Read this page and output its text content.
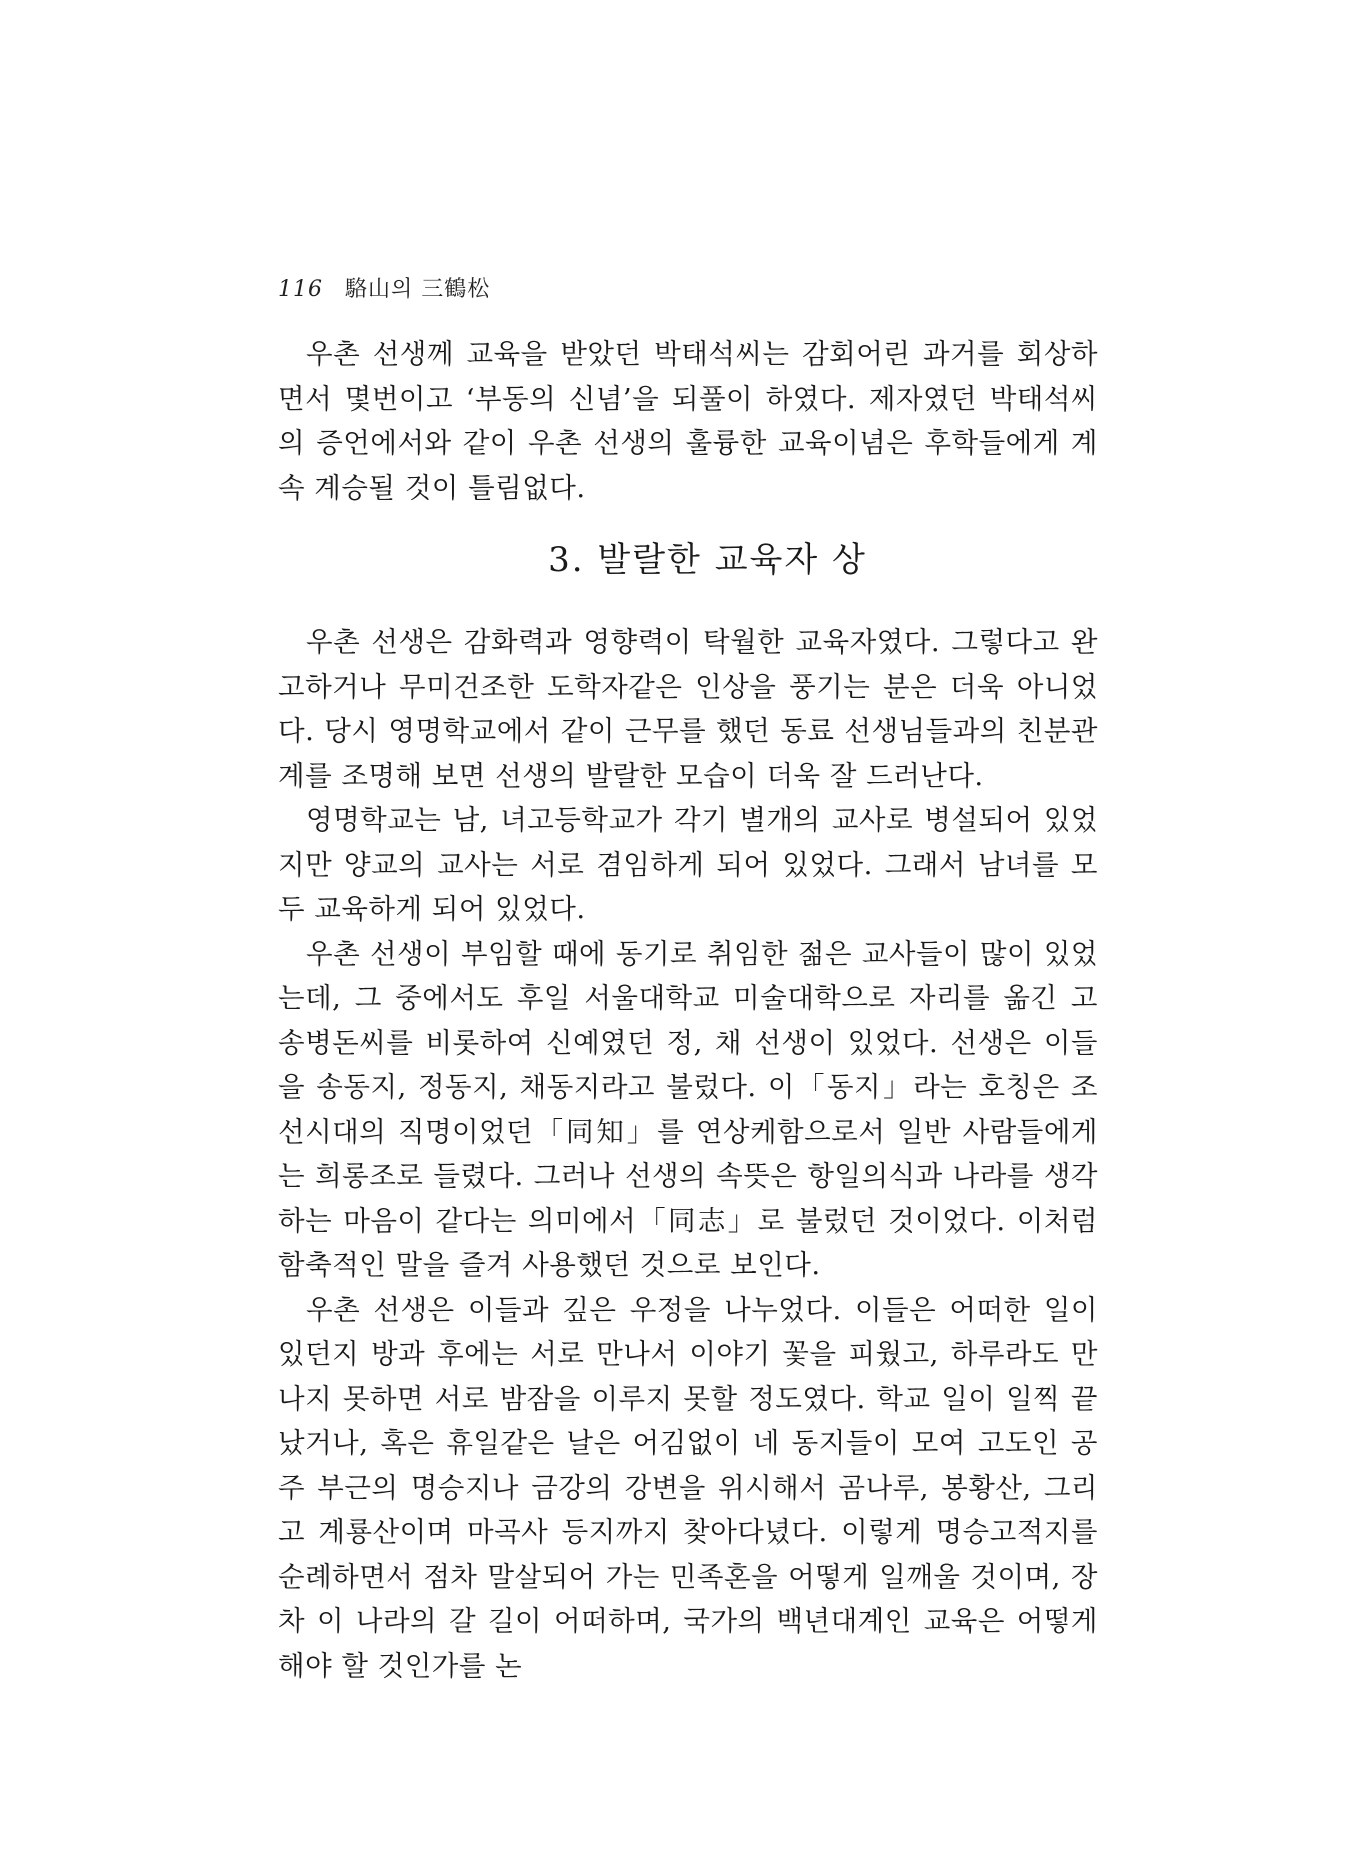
116 駱山의 三鶴松

우촌 선생께 교육을 받았던 박태석씨는 감회어린 과거를 회상하면서 몇번이고 ‘부동의 신념’을 되풀이 하였다. 제자였던 박태석씨의 증언에서와 같이 우촌 선생의 훌륭한 교육이념은 후학들에게 계속 계승될 것이 틀림없다.

3. 발랄한 교육자 상

우촌 선생은 감화력과 영향력이 탁월한 교육자였다. 그렇다고 완고하거나 무미건조한 도학자같은 인상을 풍기는 분은 더욱 아니었다. 당시 영명학교에서 같이 근무를 했던 동료 선생님들과의 친분관계를 조명해 보면 선생의 발랄한 모습이 더욱 잘 드러난다.

영명학교는 남, 녀고등학교가 각기 별개의 교사로 병설되어 있었지만 양교의 교사는 서로 겸임하게 되어 있었다. 그래서 남녀를 모두 교육하게 되어 있었다.

우촌 선생이 부임할 때에 동기로 취임한 젊은 교사들이 많이 있었는데, 그 중에서도 후일 서울대학교 미술대학으로 자리를 옮긴 고 송병돈씨를 비롯하여 신예였던 정, 채 선생이 있었다. 선생은 이들을 송동지, 정동지, 채동지라고 불렀다. 이「동지」라는 호칭은 조선시대의 직명이었던「同知」를 연상케함으로서 일반 사람들에게는 희롱조로 들렸다. 그러나 선생의 속뜻은 항일의식과 나라를 생각하는 마음이 같다는 의미에서「同志」로 불렀던 것이었다. 이처럼 함축적인 말을 즐겨 사용했던 것으로 보인다.

우촌 선생은 이들과 깊은 우정을 나누었다. 이들은 어떠한 일이 있던지 방과 후에는 서로 만나서 이야기 꽃을 피웠고, 하루라도 만나지 못하면 서로 밤잠을 이루지 못할 정도였다. 학교 일이 일찍 끝났거나, 혹은 휴일같은 날은 어김없이 네 동지들이 모여 고도인 공주 부근의 명승지나 금강의 강변을 위시해서 곰나루, 봉황산, 그리고 계룡산이며 마곡사 등지까지 찾아다녔다. 이렇게 명승고적지를 순례하면서 점차 말살되어 가는 민족혼을 어떻게 일깨울 것이며, 장차 이 나라의 갈 길이 어떠하며, 국가의 백년대계인 교육은 어떻게 해야 할 것인가를 논
